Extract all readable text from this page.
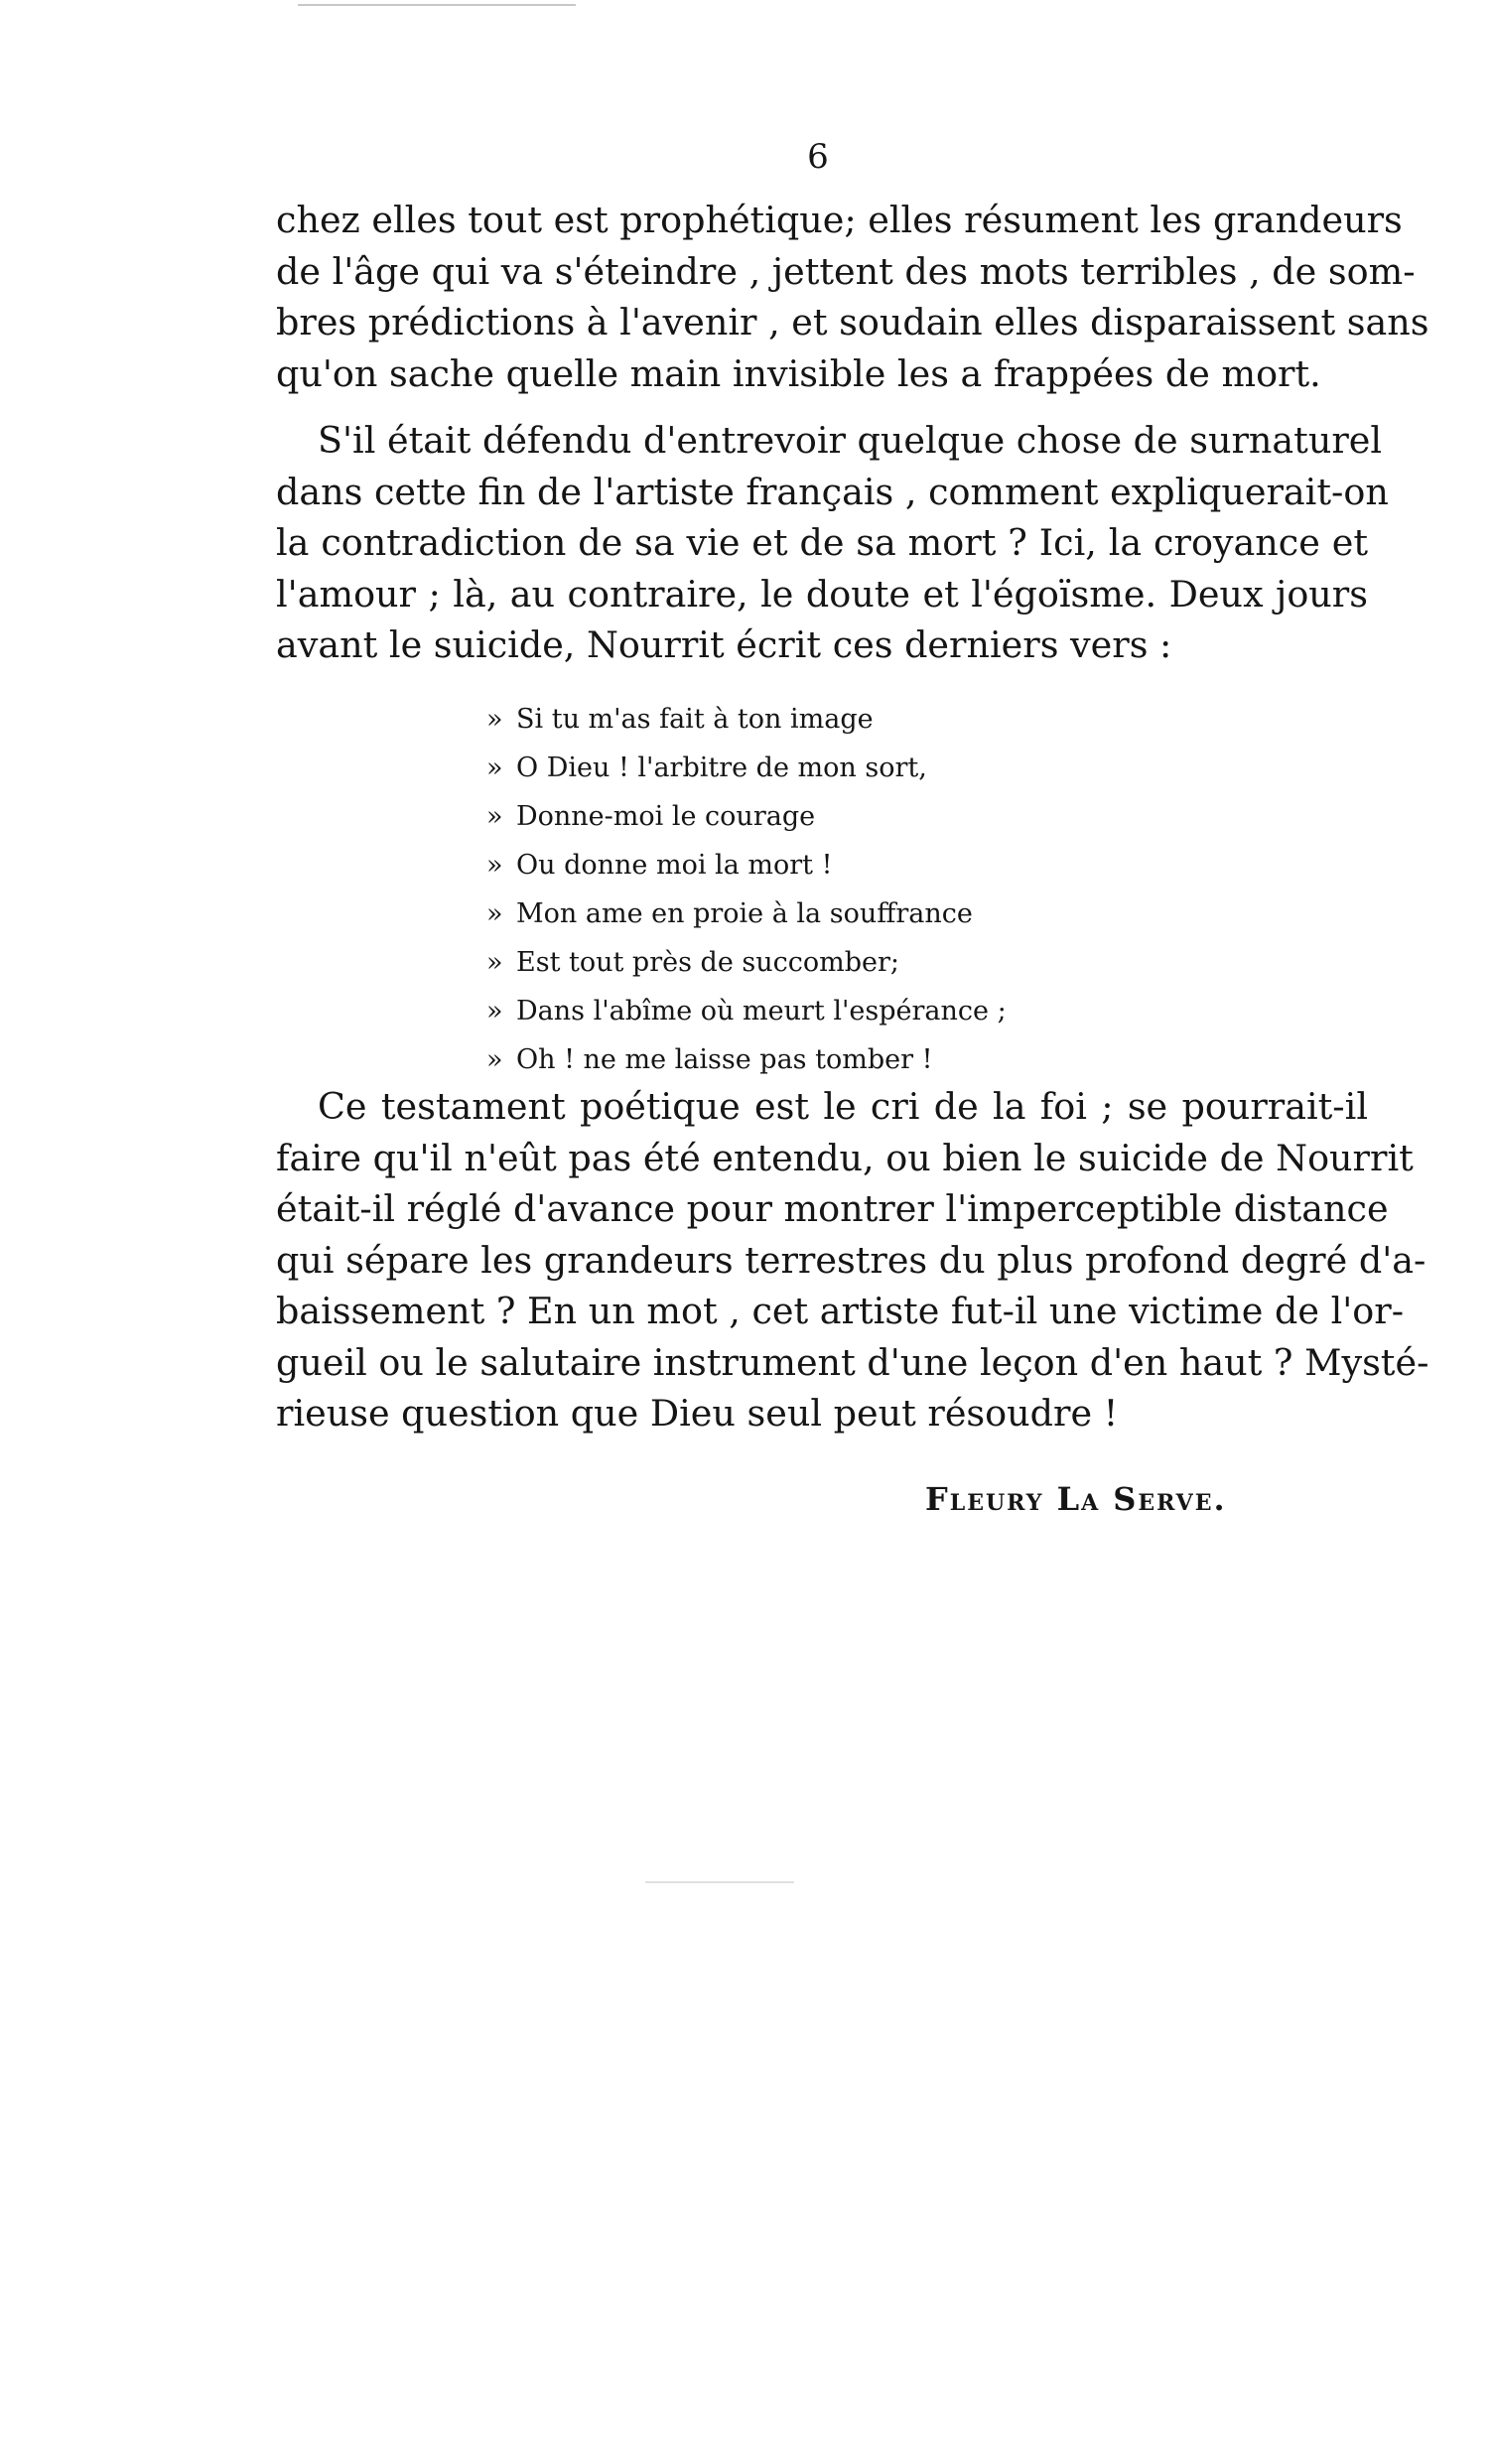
6
chez elles tout est prophétique; elles résument les grandeurs
de l'âge qui va s'éteindre , jettent des mots terribles , de som-
bres prédictions à l'avenir , et soudain elles disparaissent sans
qu'on sache quelle main invisible les a frappées de mort.
S'il était défendu d'entrevoir quelque chose de surnaturel
dans cette fin de l'artiste français , comment expliquerait-on
la contradiction de sa vie et de sa mort ? Ici, la croyance et
l'amour ; là, au contraire, le doute et l'égoïsme. Deux jours
avant le suicide, Nourrit écrit ces derniers vers :
» Si tu m'as fait à ton image
» O Dieu ! l'arbitre de mon sort,
» Donne-moi le courage
» Ou donne moi la mort !
» Mon ame en proie à la souffrance
» Est tout près de succomber;
» Dans l'abîme où meurt l'espérance ;
» Oh ! ne me laisse pas tomber !
Ce testament poétique est le cri de la foi ; se pourrait-il
faire qu'il n'eût pas été entendu, ou bien le suicide de Nourrit
était-il réglé d'avance pour montrer l'imperceptible distance
qui sépare les grandeurs terrestres du plus profond degré d'a-
baissement ? En un mot , cet artiste fut-il une victime de l'or-
gueil ou le salutaire instrument d'une leçon d'en haut ? Mysté-
rieuse question que Dieu seul peut résoudre !
Fleury La Serve.
